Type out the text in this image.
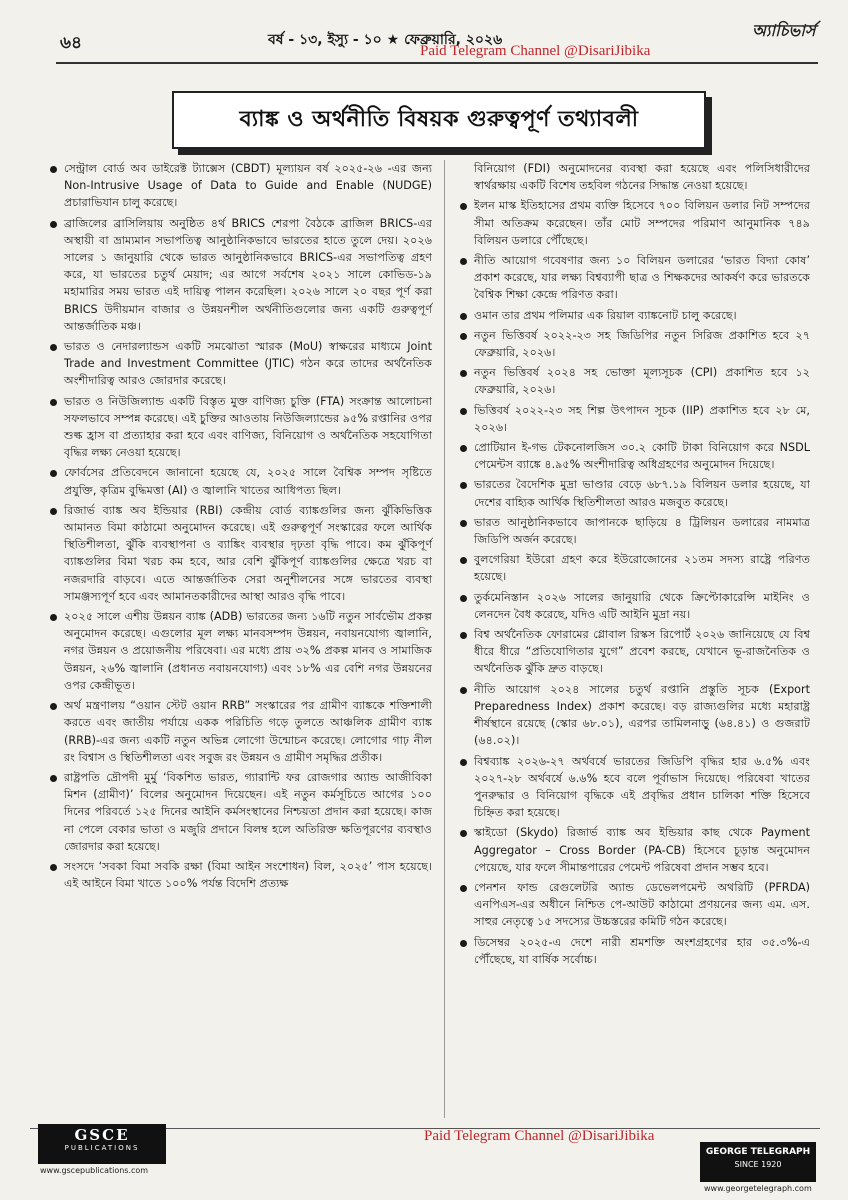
৬৪	বর্ষ - ১৩, ইস্যু - ১০ ★ ফেব্রুয়ারি, ২০২৬	অ্যাচিভার্স
Paid Telegram Channel @DisariJibika
ব্যাঙ্ক ও অর্থনীতি বিষয়ক গুরুত্বপূর্ণ তথ্যাবলী
সেন্ট্রাল বোর্ড অব ডাইরেক্ট ট্যাক্সেস (CBDT) মূল্যায়ন বর্ষ ২০২৫-২৬ -এর জন্য Non-Intrusive Usage of Data to Guide and Enable (NUDGE) প্রচারাভিযান চালু করেছে।
ব্রাজিলের ব্রাসিলিয়ায় অনুষ্ঠিত ৪র্থ BRICS শেরপা বৈঠকে ব্রাজিল BRICS-এর অস্থায়ী বা ভ্রাম্যমান সভাপতিত্ব আনুষ্ঠানিকভাবে ভারতের হাতে তুলে দেয়। ২০২৬ সালের ১ জানুয়ারি থেকে ভারত আনুষ্ঠানিকভাবে BRICS-এর সভাপতিত্ব গ্রহণ করে, যা ভারতের চতুর্থ মেয়াদ; এর আগে সর্বশেষ ২০২১ সালে কোভিড-১৯ মহামারির সময় ভারত এই দায়িত্ব পালন করেছিল। ২০২৬ সালে ২০ বছর পূর্ণ করা BRICS উদীয়মান বাজার ও উন্নয়নশীল অর্থনীতিগুলোর জন্য একটি গুরুত্বপূর্ণ আন্তর্জাতিক মঞ্চ।
ভারত ও নেদারল্যান্ডস একটি সমঝোতা স্মারক (MoU) স্বাক্ষরের মাধ্যমে Joint Trade and Investment Committee (JTIC) গঠন করে তাদের অর্থনৈতিক অংশীদারিত্ব আরও জোরদার করেছে।
ভারত ও নিউজিল্যান্ড একটি বিস্তৃত মুক্ত বাণিজ্য চুক্তি (FTA) সংক্রান্ত আলোচনা সফলভাবে সম্পন্ন করেছে। এই চুক্তির আওতায় নিউজিল্যান্ডের ৯৫% রপ্তানির ওপর শুল্ক হ্রাস বা প্রত্যাহার করা হবে এবং বাণিজ্য, বিনিয়োগ ও অর্থনৈতিক সহযোগিতা বৃদ্ধির লক্ষ্য নেওয়া হয়েছে।
ফোর্বসের প্রতিবেদনে জানানো হয়েছে যে, ২০২৫ সালে বৈশ্বিক সম্পদ সৃষ্টিতে প্রযুক্তি, কৃত্রিম বুদ্ধিমত্তা (AI) ও জ্বালানি খাতের আধিপত্য ছিল।
রিজার্ভ ব্যাঙ্ক অব ইন্ডিয়ার (RBI) কেন্দ্রীয় বোর্ড ব্যাঙ্কগুলির জন্য ঝুঁকিভিত্তিক আমানত বিমা কাঠামো অনুমোদন করেছে। এই গুরুত্বপূর্ণ সংস্কারের ফলে আর্থিক স্থিতিশীলতা, ঝুঁকি ব্যবস্থাপনা ও ব্যাঙ্কিং ব্যবস্থার দৃঢ়তা বৃদ্ধি পাবে। কম ঝুঁকিপূর্ণ ব্যাঙ্কগুলির বিমা খরচ কম হবে, আর বেশি ঝুঁকিপূর্ণ ব্যাঙ্কগুলির ক্ষেত্রে খরচ বা নজরদারি বাড়বে। এতে আন্তর্জাতিক সেরা অনুশীলনের সঙ্গে ভারতের ব্যবস্থা সামঞ্জস্যপূর্ণ হবে এবং আমানতকারীদের আস্থা আরও বৃদ্ধি পাবে।
২০২৫ সালে এশীয় উন্নয়ন ব্যাঙ্ক (ADB) ভারতের জন্য ১৬টি নতুন সার্বভৌম প্রকল্প অনুমোদন করেছে। এগুলোর মূল লক্ষ্য মানবসম্পদ উন্নয়ন, নবায়নযোগ্য জ্বালানি, নগর উন্নয়ন ও প্রয়োজনীয় পরিষেবা। এর মধ্যে প্রায় ৩২% প্রকল্প মানব ও সামাজিক উন্নয়ন, ২৬% জ্বালানি (প্রধানত নবায়নযোগ্য) এবং ১৮% এর বেশি নগর উন্নয়নের ওপর কেন্দ্রীভূত।
অর্থ মন্ত্রণালয় “ওয়ান স্টেট ওয়ান RRB” সংস্কারের পর গ্রামীণ ব্যাঙ্ককে শক্তিশালী করতে এবং জাতীয় পর্যায়ে একক পরিচিতি গড়ে তুলতে আঞ্চলিক গ্রামীণ ব্যাঙ্ক (RRB)-এর জন্য একটি নতুন অভিন্ন লোগো উন্মোচন করেছে। লোগোর গাঢ় নীল রং বিশ্বাস ও স্থিতিশীলতা এবং সবুজ রং উন্নয়ন ও গ্রামীণ সমৃদ্ধির প্রতীক।
রাষ্ট্রপতি দ্রৌপদী মুর্মু ‘বিকশিত ভারত, গ্যারান্টি ফর রোজগার অ্যান্ড আজীবিকা মিশন (গ্রামীণ)’ বিলের অনুমোদন দিয়েছেন। এই নতুন কর্মসূচিতে আগের ১০০ দিনের পরিবর্তে ১২৫ দিনের আইনি কর্মসংস্থানের নিশ্চয়তা প্রদান করা হয়েছে। কাজ না পেলে বেকার ভাতা ও মজুরি প্রদানে বিলম্ব হলে অতিরিক্ত ক্ষতিপূরণের ব্যবস্থাও জোরদার করা হয়েছে।
সংসদে ‘সবকা বিমা সবকি রক্ষা (বিমা আইন সংশোধন) বিল, ২০২৫’ পাস হয়েছে। এই আইনে বিমা খাতে ১০০% পর্যন্ত বিদেশি প্রত্যক্ষ
বিনিয়োগ (FDI) অনুমোদনের ব্যবস্থা করা হয়েছে এবং পলিসিধারীদের স্বার্থরক্ষায় একটি বিশেষ তহবিল গঠনের সিদ্ধান্ত নেওয়া হয়েছে।
ইলন মাস্ক ইতিহাসের প্রথম ব্যক্তি হিসেবে ৭০০ বিলিয়ন ডলার নিট সম্পদের সীমা অতিক্রম করেছেন। তাঁর মোট সম্পদের পরিমাণ আনুমানিক ৭৪৯ বিলিয়ন ডলারে পৌঁছেছে।
নীতি আয়োগ গবেষণার জন্য ১০ বিলিয়ন ডলারের ‘ভারত বিদ্যা কোষ’ প্রকাশ করেছে, যার লক্ষ্য বিশ্বব্যাপী ছাত্র ও শিক্ষকদের আকর্ষণ করে ভারতকে বৈশ্বিক শিক্ষা কেন্দ্রে পরিণত করা।
ওমান তার প্রথম পলিমার এক রিয়াল ব্যাঙ্কনোট চালু করেছে।
নতুন ভিত্তিবর্ষ ২০২২-২৩ সহ জিডিপির নতুন সিরিজ প্রকাশিত হবে ২৭ ফেব্রুয়ারি, ২০২৬।
নতুন ভিত্তিবর্ষ ২০২৪ সহ ভোক্তা মূল্যসূচক (CPI) প্রকাশিত হবে ১২ ফেব্রুয়ারি, ২০২৬।
ভিত্তিবর্ষ ২০২২-২৩ সহ শিল্প উৎপাদন সূচক (IIP) প্রকাশিত হবে ২৮ মে, ২০২৬।
প্রোটিয়ান ই-গভ টেকনোলজিস ৩০.২ কোটি টাকা বিনিয়োগ করে NSDL পেমেন্টস ব্যাঙ্কে ৪.৯৫% অংশীদারিত্ব অধিগ্রহণের অনুমোদন দিয়েছে।
ভারতের বৈদেশিক মুদ্রা ভাণ্ডার বেড়ে ৬৮৭.১৯ বিলিয়ন ডলার হয়েছে, যা দেশের বাহ্যিক আর্থিক স্থিতিশীলতা আরও মজবুত করেছে।
ভারত আনুষ্ঠানিকভাবে জাপানকে ছাড়িয়ে ৪ ট্রিলিয়ন ডলারের নামমাত্র জিডিপি অর্জন করেছে।
বুলগেরিয়া ইউরো গ্রহণ করে ইউরোজোনের ২১তম সদস্য রাষ্ট্রে পরিণত হয়েছে।
তুর্কমেনিস্তান ২০২৬ সালের জানুয়ারি থেকে ক্রিপ্টোকারেন্সি মাইনিং ও লেনদেন বৈধ করেছে, যদিও এটি আইনি মুদ্রা নয়।
বিশ্ব অর্থনৈতিক ফোরামের গ্লোবাল রিস্কস রিপোর্ট ২০২৬ জানিয়েছে যে বিশ্ব ধীরে ধীরে “প্রতিযোগিতার যুগে” প্রবেশ করছে, যেখানে ভূ-রাজনৈতিক ও অর্থনৈতিক ঝুঁকি দ্রুত বাড়ছে।
নীতি আয়োগ ২০২৪ সালের চতুর্থ রপ্তানি প্রস্তুতি সূচক (Export Preparedness Index) প্রকাশ করেছে। বড় রাজ্যগুলির মধ্যে মহারাষ্ট্র শীর্ষস্থানে রয়েছে (স্কোর ৬৮.০১), এরপর তামিলনাড়ু (৬৪.৪১) ও গুজরাট (৬৪.০২)।
বিশ্বব্যাঙ্ক ২০২৬-২৭ অর্থবর্ষে ভারতের জিডিপি বৃদ্ধির হার ৬.৫% এবং ২০২৭-২৮ অর্থবর্ষে ৬.৬% হবে বলে পূর্বাভাস দিয়েছে। পরিষেবা খাতের পুনরুদ্ধার ও বিনিয়োগ বৃদ্ধিকে এই প্রবৃদ্ধির প্রধান চালিকা শক্তি হিসেবে চিহ্নিত করা হয়েছে।
স্কাইডো (Skydo) রিজার্ভ ব্যাঙ্ক অব ইন্ডিয়ার কাছ থেকে Payment Aggregator – Cross Border (PA-CB) হিসেবে চূড়ান্ত অনুমোদন পেয়েছে, যার ফলে সীমান্তপারের পেমেন্ট পরিষেবা প্রদান সম্ভব হবে।
পেনশন ফান্ড রেগুলেটরি অ্যান্ড ডেভেলপমেন্ট অথরিটি (PFRDA) এনপিএস-এর অধীনে নিশ্চিত পে-আউট কাঠামো প্রণয়নের জন্য এম. এস. সাহুর নেতৃত্বে ১৫ সদস্যের উচ্চস্তরের কমিটি গঠন করেছে।
ডিসেম্বর ২০২৫-এ দেশে নারী শ্রমশক্তি অংশগ্রহণের হার ৩৫.৩%-এ পৌঁছেছে, যা বার্ষিক সর্বোচ্চ।
GSCE
PUBLICATIONS
www.gscepublications.com
Paid Telegram Channel @DisariJibika
GEORGE TELEGRAPH
SINCE 1920
www.georgetelegraph.com
